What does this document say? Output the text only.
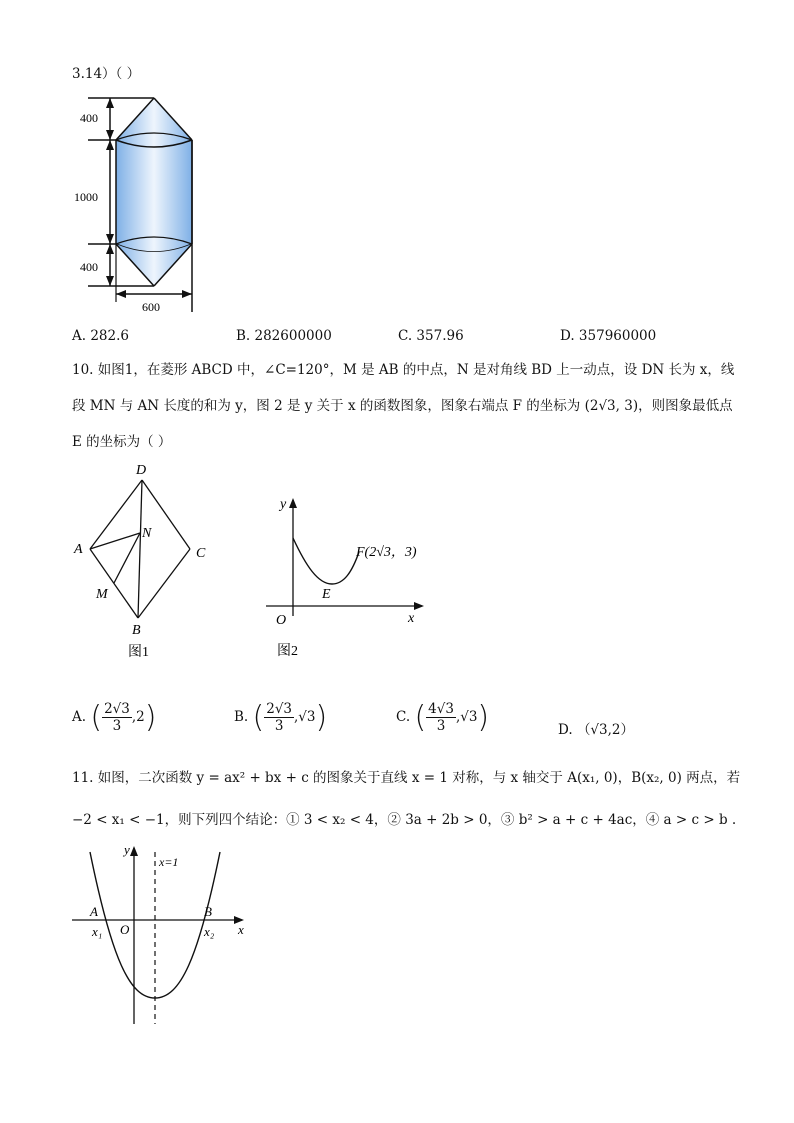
3.14）（ ）
400
1000
400
600
A. 282.6	B. 282600000	C. 357.96	D. 357960000
10. 如图1，在菱形 ABCD 中，∠C=120°，M 是 AB 的中点，N 是对角线 BD 上一动点，设 DN 长为 x，线
段 MN 与 AN 长度的和为 y，图 2 是 y 关于 x 的函数图象，图象右端点 F 的坐标为 (2√3, 3)，则图象最低点
E 的坐标为（ ）
D
A
N
C
M
B
图1
y
F(2√3，3)
E
O	x
图2
A. ( $\frac{2√3}{3} ,2$)	B. ( $\frac{2√3}{3} ,√3$)	C. ( $\frac{4√3}{3} ,√3$)	D. （√3,2）
11. 如图，二次函数 y = ax² + bx + c 的图象关于直线 x = 1 对称，与 x 轴交于 A(x₁, 0)，B(x₂, 0) 两点，若
−2 < x₁ < −1，则下列四个结论：① 3 < x₂ < 4，② 3a + 2b > 0，③ b² > a + c + 4ac，④ a > c > b .
y
x=1
A	B
x₁ O	x₂ x
